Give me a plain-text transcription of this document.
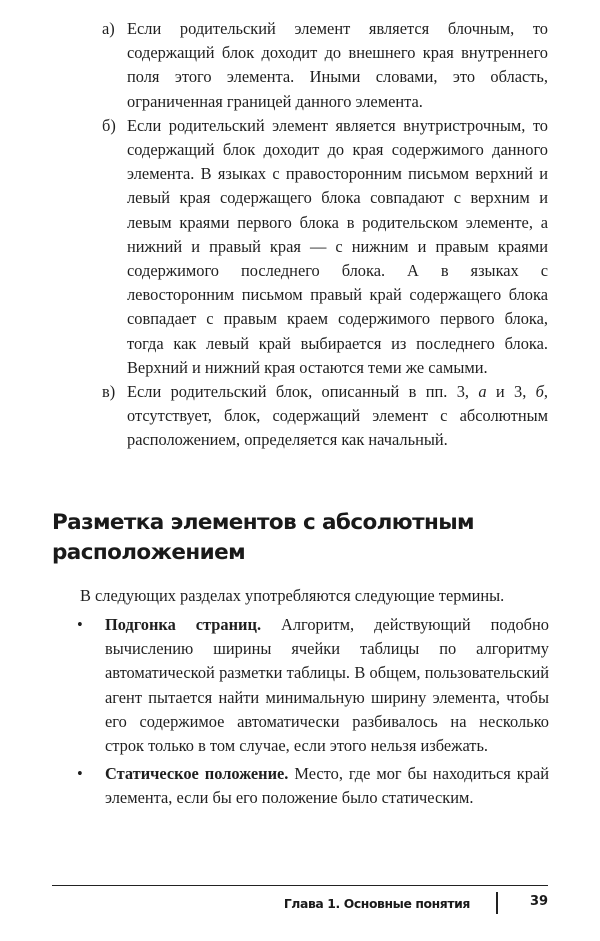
а) Если родительский элемент является блочным, то содержащий блок доходит до внешнего края внутреннего поля этого элемента. Иными словами, это область, ограниченная границей данного элемента.
б) Если родительский элемент является внутристрочным, то содержащий блок доходит до края содержимого данного элемента. В языках с правосторонним письмом верхний и левый края содержащего блока совпадают с верхним и левым краями первого блока в родительском элементе, а нижний и правый края — с нижним и правым краями содержимого последнего блока. А в языках с левосторонним письмом правый край содержащего блока совпадает с правым краем содержимого первого блока, тогда как левый край выбирается из последнего блока. Верхний и нижний края остаются теми же самыми.
в) Если родительский блок, описанный в пп. 3, а и 3, б, отсутствует, блок, содержащий элемент с абсолютным расположением, определяется как начальный.
Разметка элементов с абсолютным
расположением
В следующих разделах употребляются следующие термины.
• Подгонка страниц. Алгоритм, действующий подобно вычислению ширины ячейки таблицы по алгоритму автоматической разметки таблицы. В общем, пользовательский агент пытается найти минимальную ширину элемента, чтобы его содержимое автоматически разбивалось на несколько строк только в том случае, если этого нельзя избежать.
• Статическое положение. Место, где мог бы находиться край элемента, если бы его положение было статическим.
Глава 1. Основные понятия	39
